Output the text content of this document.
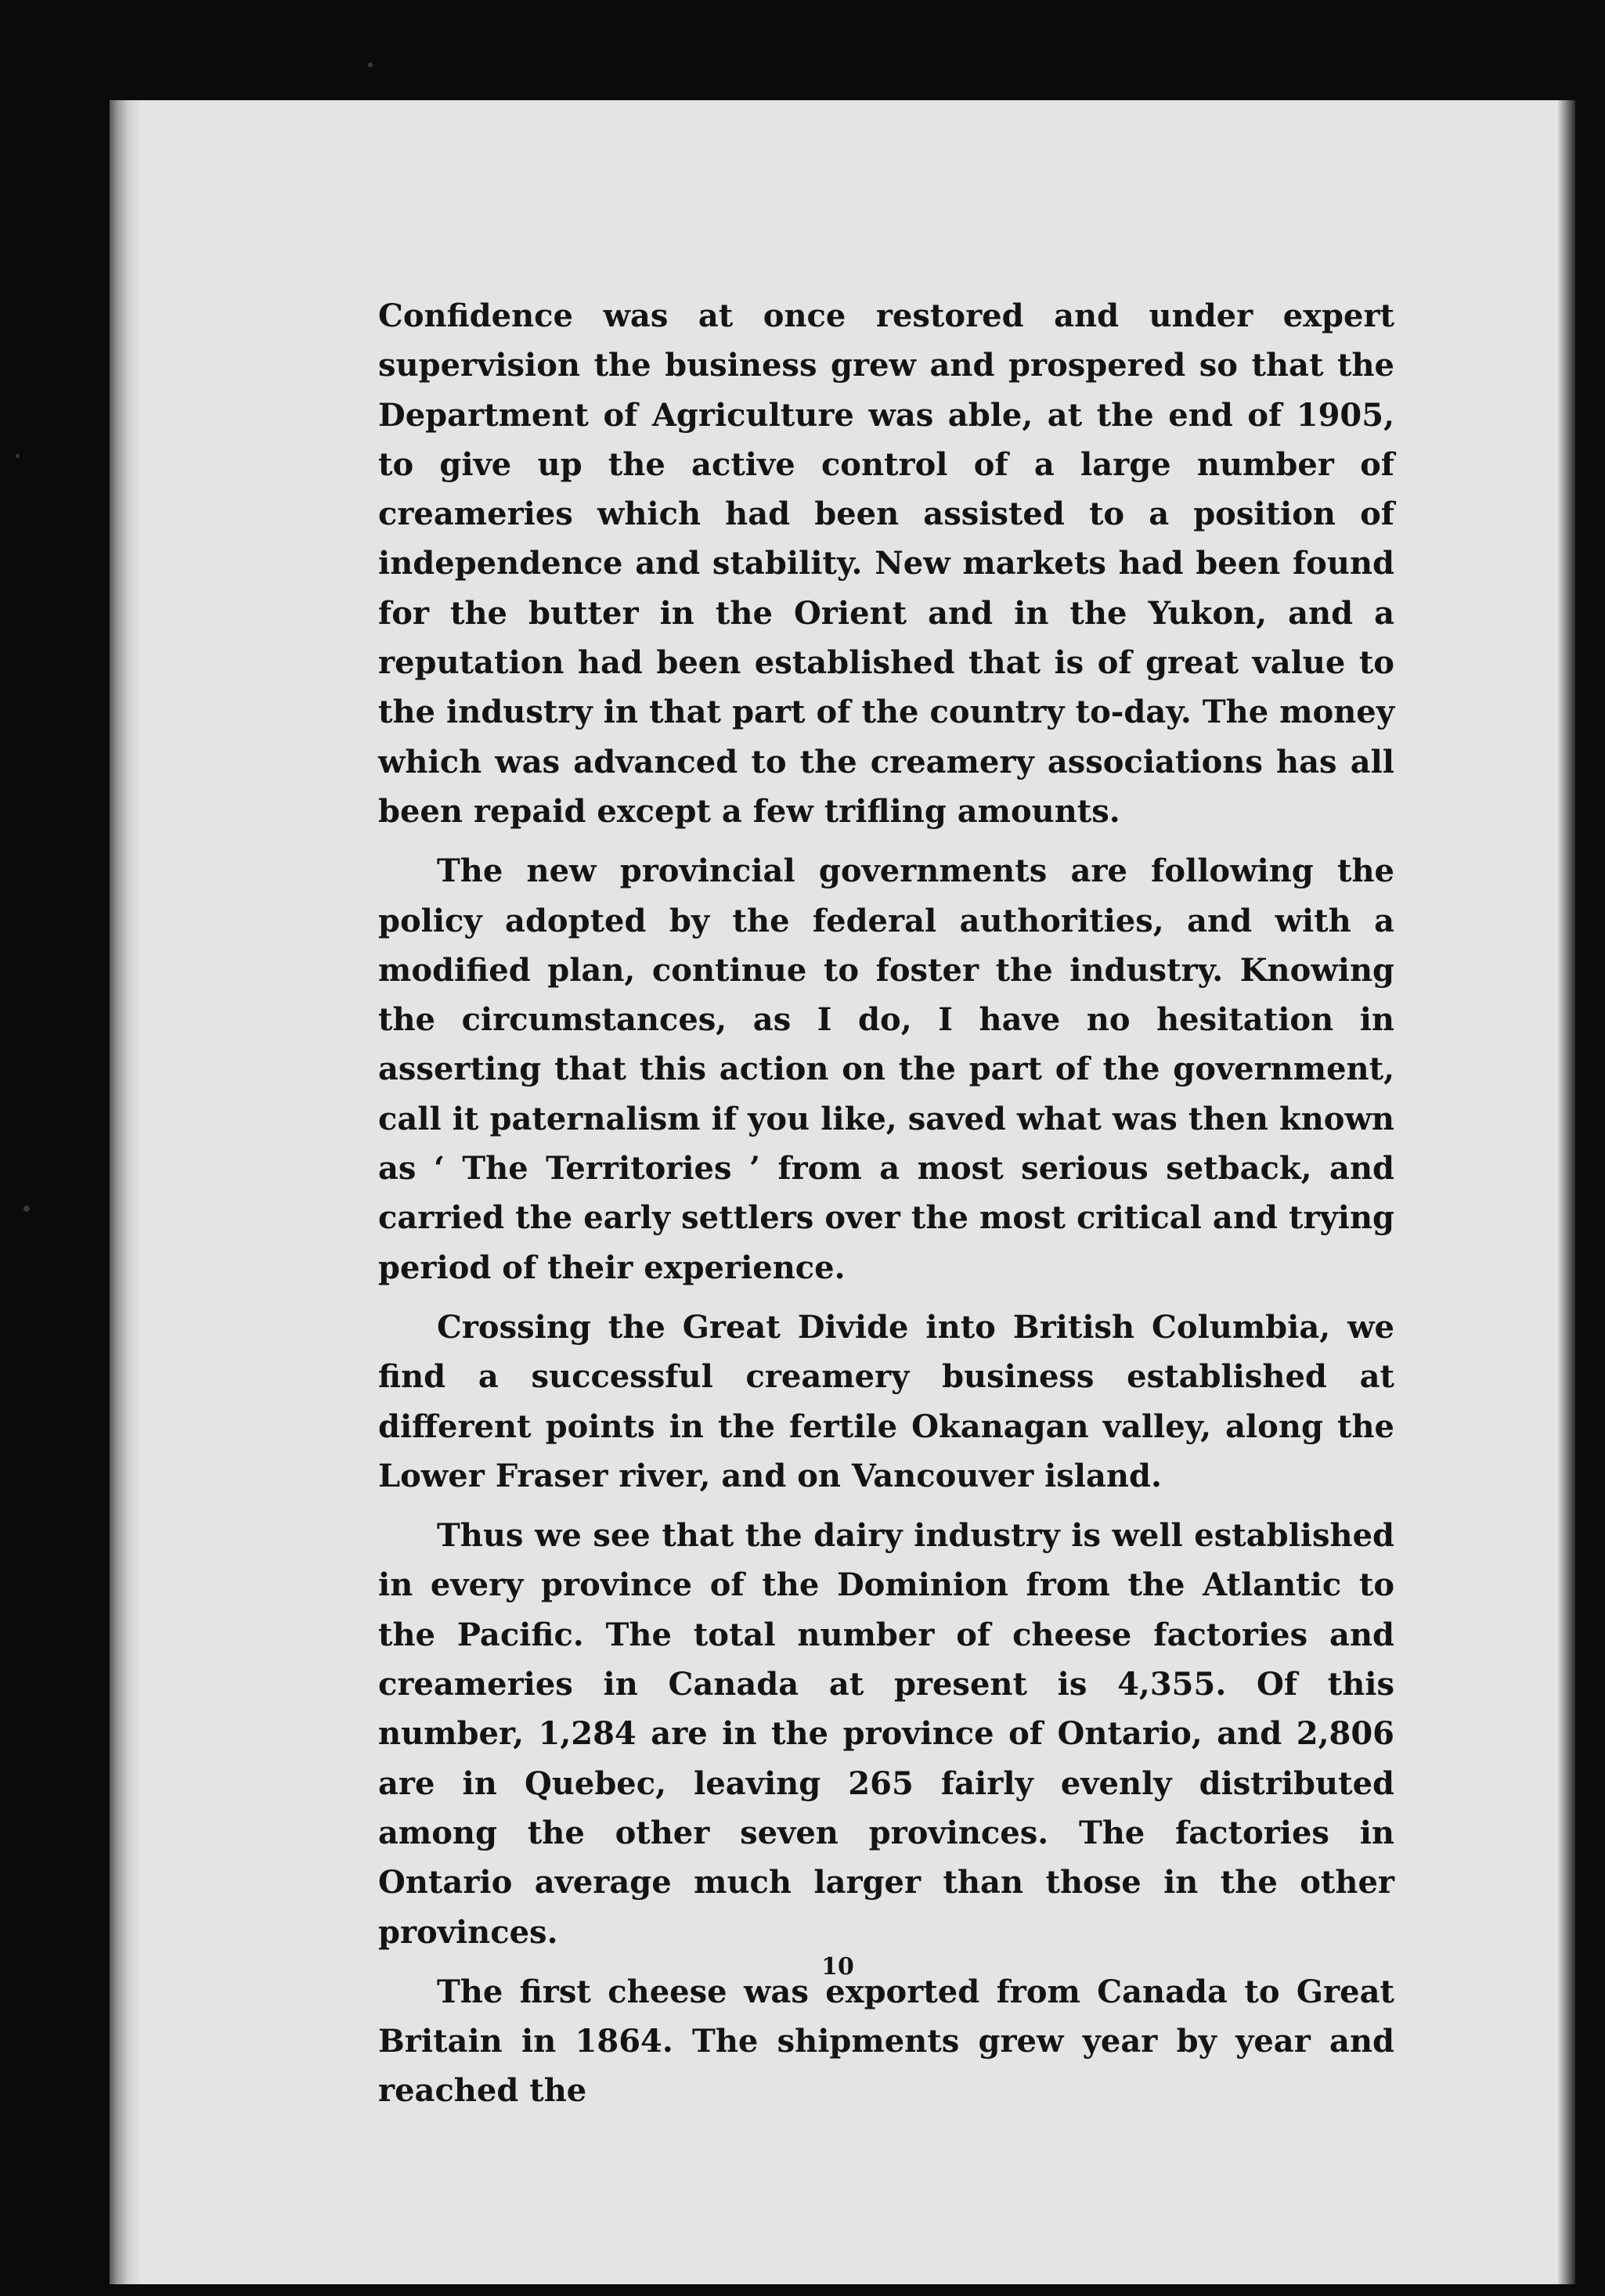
Confidence was at once restored and under expert supervision the business grew and prospered so that the Department of Agriculture was able, at the end of 1905, to give up the active control of a large number of creameries which had been assisted to a position of independence and stability. New markets had been found for the butter in the Orient and in the Yukon, and a reputation had been established that is of great value to the industry in that part of the country to-day. The money which was advanced to the creamery associations has all been repaid except a few trifling amounts.

The new provincial governments are following the policy adopted by the federal authorities, and with a modified plan, continue to foster the industry. Knowing the circumstances, as I do, I have no hesitation in asserting that this action on the part of the government, call it paternalism if you like, saved what was then known as ‘ The Territories ’ from a most serious setback, and carried the early settlers over the most critical and trying period of their experience.

Crossing the Great Divide into British Columbia, we find a successful creamery business established at different points in the fertile Okanagan valley, along the Lower Fraser river, and on Vancouver island.

Thus we see that the dairy industry is well established in every province of the Dominion from the Atlantic to the Pacific. The total number of cheese factories and creameries in Canada at present is 4,355. Of this number, 1,284 are in the province of Ontario, and 2,806 are in Quebec, leaving 265 fairly evenly distributed among the other seven provinces. The factories in Ontario average much larger than those in the other provinces.

The first cheese was exported from Canada to Great Britain in 1864. The shipments grew year by year and reached the

10
